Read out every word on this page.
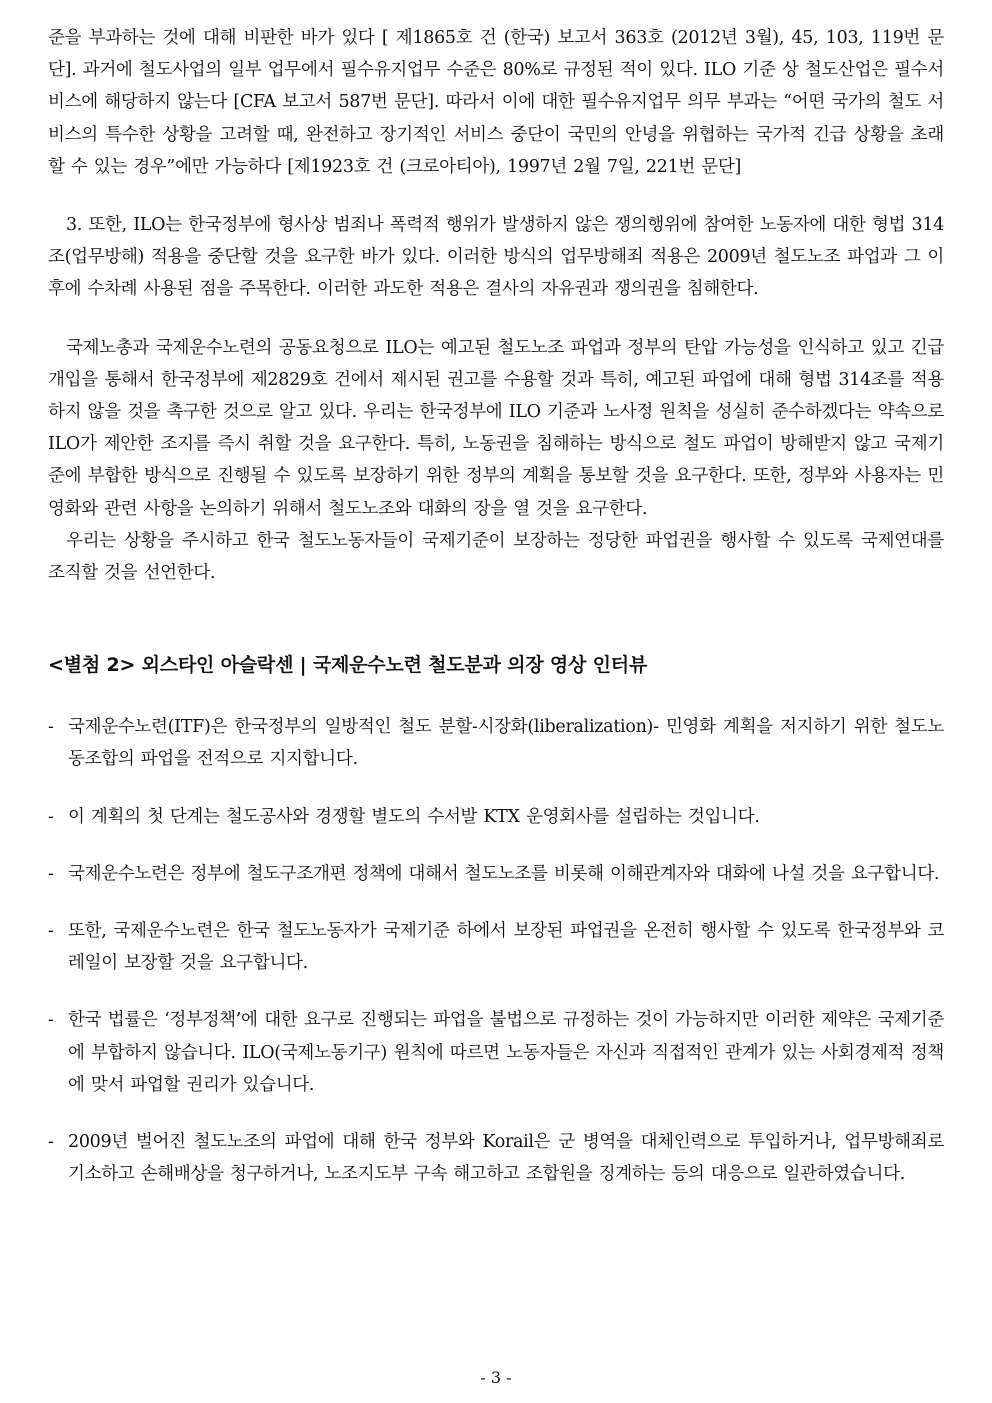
준을 부과하는 것에 대해 비판한 바가 있다 [ 제1865호 건 (한국) 보고서 363호 (2012년 3월), 45, 103, 119번 문단]. 과거에 철도사업의 일부 업무에서 필수유지업무 수준은 80%로 규정된 적이 있다. ILO 기준 상 철도산업은 필수서비스에 해당하지 않는다 [CFA 보고서 587번 문단]. 따라서 이에 대한 필수유지업무 의무 부과는 “어떤 국가의 철도 서비스의 특수한 상황을 고려할 때, 완전하고 장기적인 서비스 중단이 국민의 안녕을 위협하는 국가적 긴급 상황을 초래할 수 있는 경우”에만 가능하다 [제1923호 건 (크로아티아), 1997년 2월 7일, 221번 문단]

3. 또한, ILO는 한국정부에 형사상 범죄나 폭력적 행위가 발생하지 않은 쟁의행위에 참여한 노동자에 대한 형법 314조(업무방해) 적용을 중단할 것을 요구한 바가 있다. 이러한 방식의 업무방해죄 적용은 2009년 철도노조 파업과 그 이후에 수차례 사용된 점을 주목한다. 이러한 과도한 적용은 결사의 자유권과 쟁의권을 침해한다.

국제노총과 국제운수노련의 공동요청으로 ILO는 예고된 철도노조 파업과 정부의 탄압 가능성을 인식하고 있고 긴급개입을 통해서 한국정부에 제2829호 건에서 제시된 권고를 수용할 것과 특히, 예고된 파업에 대해 형법 314조를 적용하지 않을 것을 촉구한 것으로 알고 있다. 우리는 한국정부에 ILO 기준과 노사정 원칙을 성실히 준수하겠다는 약속으로 ILO가 제안한 조지를 즉시 취할 것을 요구한다. 특히, 노동권을 침해하는 방식으로 철도 파업이 방해받지 않고 국제기준에 부합한 방식으로 진행될 수 있도록 보장하기 위한 정부의 계획을 통보할 것을 요구한다. 또한, 정부와 사용자는 민영화와 관련 사항을 논의하기 위해서 철도노조와 대화의 장을 열 것을 요구한다.

우리는 상황을 주시하고 한국 철도노동자들이 국제기준이 보장하는 정당한 파업권을 행사할 수 있도록 국제연대를 조직할 것을 선언한다.

<별첨 2> 외스타인 아슬락센 | 국제운수노련 철도분과 의장 영상 인터뷰
- 국제운수노련(ITF)은 한국정부의 일방적인 철도 분할-시장화(liberalization)- 민영화 계획을 저지하기 위한 철도노동조합의 파업을 전적으로 지지합니다.

- 이 계획의 첫 단계는 철도공사와 경쟁할 별도의 수서발 KTX 운영회사를 설립하는 것입니다.

- 국제운수노련은 정부에 철도구조개편 정책에 대해서 철도노조를 비롯해 이해관계자와 대화에 나설 것을 요구합니다.

- 또한, 국제운수노련은 한국 철도노동자가 국제기준 하에서 보장된 파업권을 온전히 행사할 수 있도록 한국정부와 코레일이 보장할 것을 요구합니다.

- 한국 법률은 ‘정부정책’에 대한 요구로 진행되는 파업을 불법으로 규정하는 것이 가능하지만 이러한 제약은 국제기준에 부합하지 않습니다. ILO(국제노동기구) 원칙에 따르면 노동자들은 자신과 직접적인 관계가 있는 사회경제적 정책에 맞서 파업할 권리가 있습니다.

- 2009년 벌어진 철도노조의 파업에 대해 한국 정부와 Korail은 군 병역을 대체인력으로 투입하거나, 업무방해죄로 기소하고 손해배상을 청구하거나, 노조지도부 구속 해고하고 조합원을 징계하는 등의 대응으로 일관하였습니다.

- 3 -
